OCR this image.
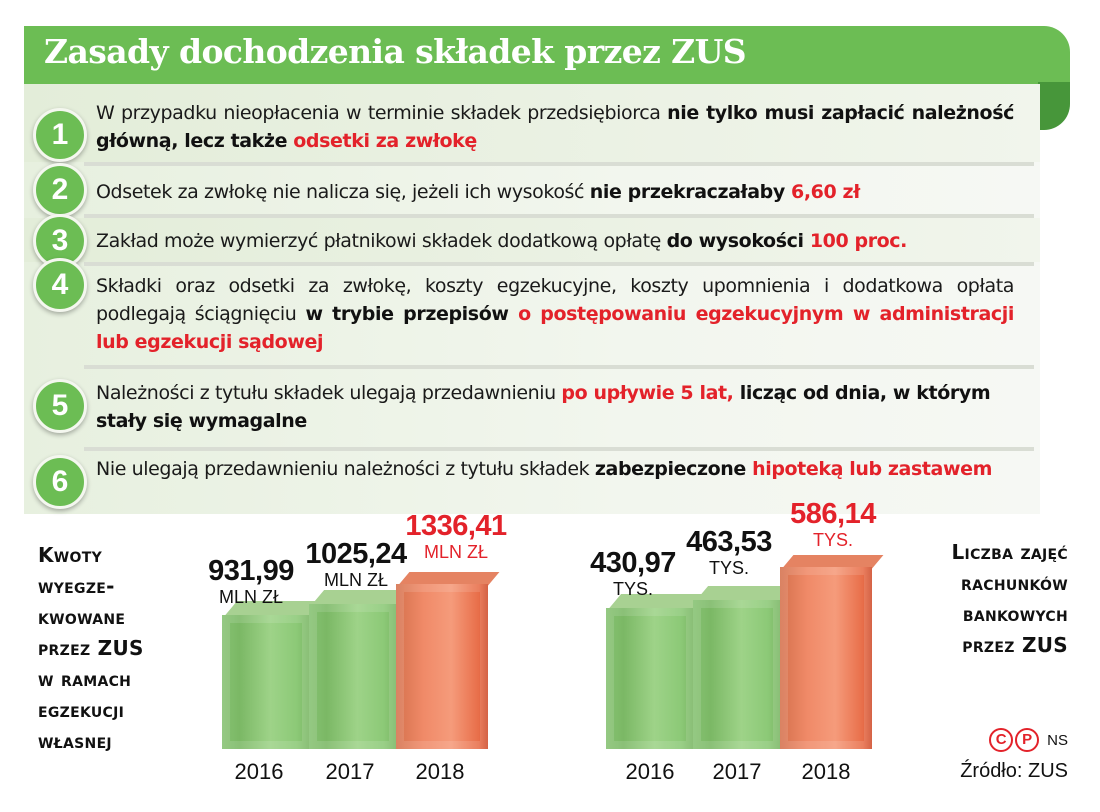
Zasady dochodzenia składek przez ZUS
1
2
3
4
5
6
W przypadku nieopłacenia w terminie składek przedsiębiorca nie tylko musi zapłacić należność główną, lecz także odsetki za zwłokę
Odsetek za zwłokę nie nalicza się, jeżeli ich wysokość nie przekraczałaby 6,60 zł
Zakład może wymierzyć płatnikowi składek dodatkową opłatę do wysokości 100 proc.
Składki oraz odsetki za zwłokę, koszty egzekucyjne, koszty upomnienia i dodatkowa opłata podlegają ściągnięciu w trybie przepisów o postępowaniu egzekucyjnym w administracji lub egzekucji sądowej
Należności z tytułu składek ulegają przedawnieniu po upływie 5 lat, licząc od dnia, w którym stały się wymagalne
Nie ulegają przedawnieniu należności z tytułu składek zabezpieczone hipoteką lub zastawem
Kwoty
wyegze-
kwowane
przez ZUS
w ramach
egzekucji
własnej
931,99
MLN ZŁ
1025,24
MLN ZŁ
1336,41
MLN ZŁ
2016	2017	2018
430,97
TYS.
463,53
TYS.
586,14
TYS.
2016	2017	2018
Liczba zajęć
rachunków
bankowych
przez ZUS
C P NS
Źródło: ZUS
